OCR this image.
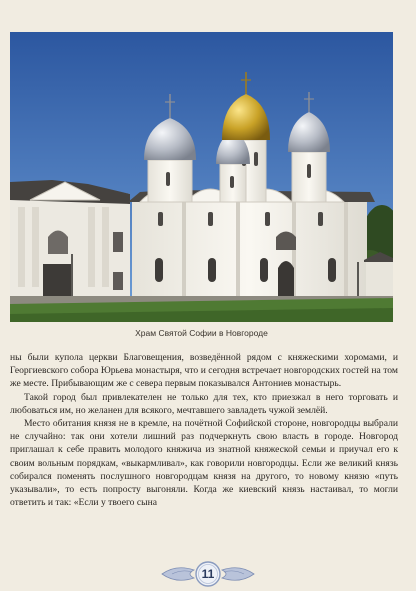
Храм Святой Софии в Новгороде

ны были купола церкви Благовещения, возведённой рядом с княжескими хоромами, и Георгиевского собора Юрьева монастыря, что и сегодня встречает новгородских гостей на том же месте. Прибывающим же с севера первым показывался Антониев монастырь.

Такой город был привлекателен не только для тех, кто приезжал в него торговать и любоваться им, но желанен для всякого, мечтавшего завладеть чужой землёй.

Место обитания князя не в кремле, на почётной Софийской стороне, новгородцы выбрали не случайно: так они хотели лишний раз подчеркнуть свою власть в городе. Новгород приглашал к себе править молодого княжича из знатной княжеской семьи и приучал его к своим вольным порядкам, «выкармливал», как говорили новгородцы. Если же великий князь собирался поменять послушного новгородцам князя на другого, то новому князю «путь указывали», то есть попросту выгоняли. Когда же киевский князь настаивал, то могли ответить и так: «Если у твоего сына

11
